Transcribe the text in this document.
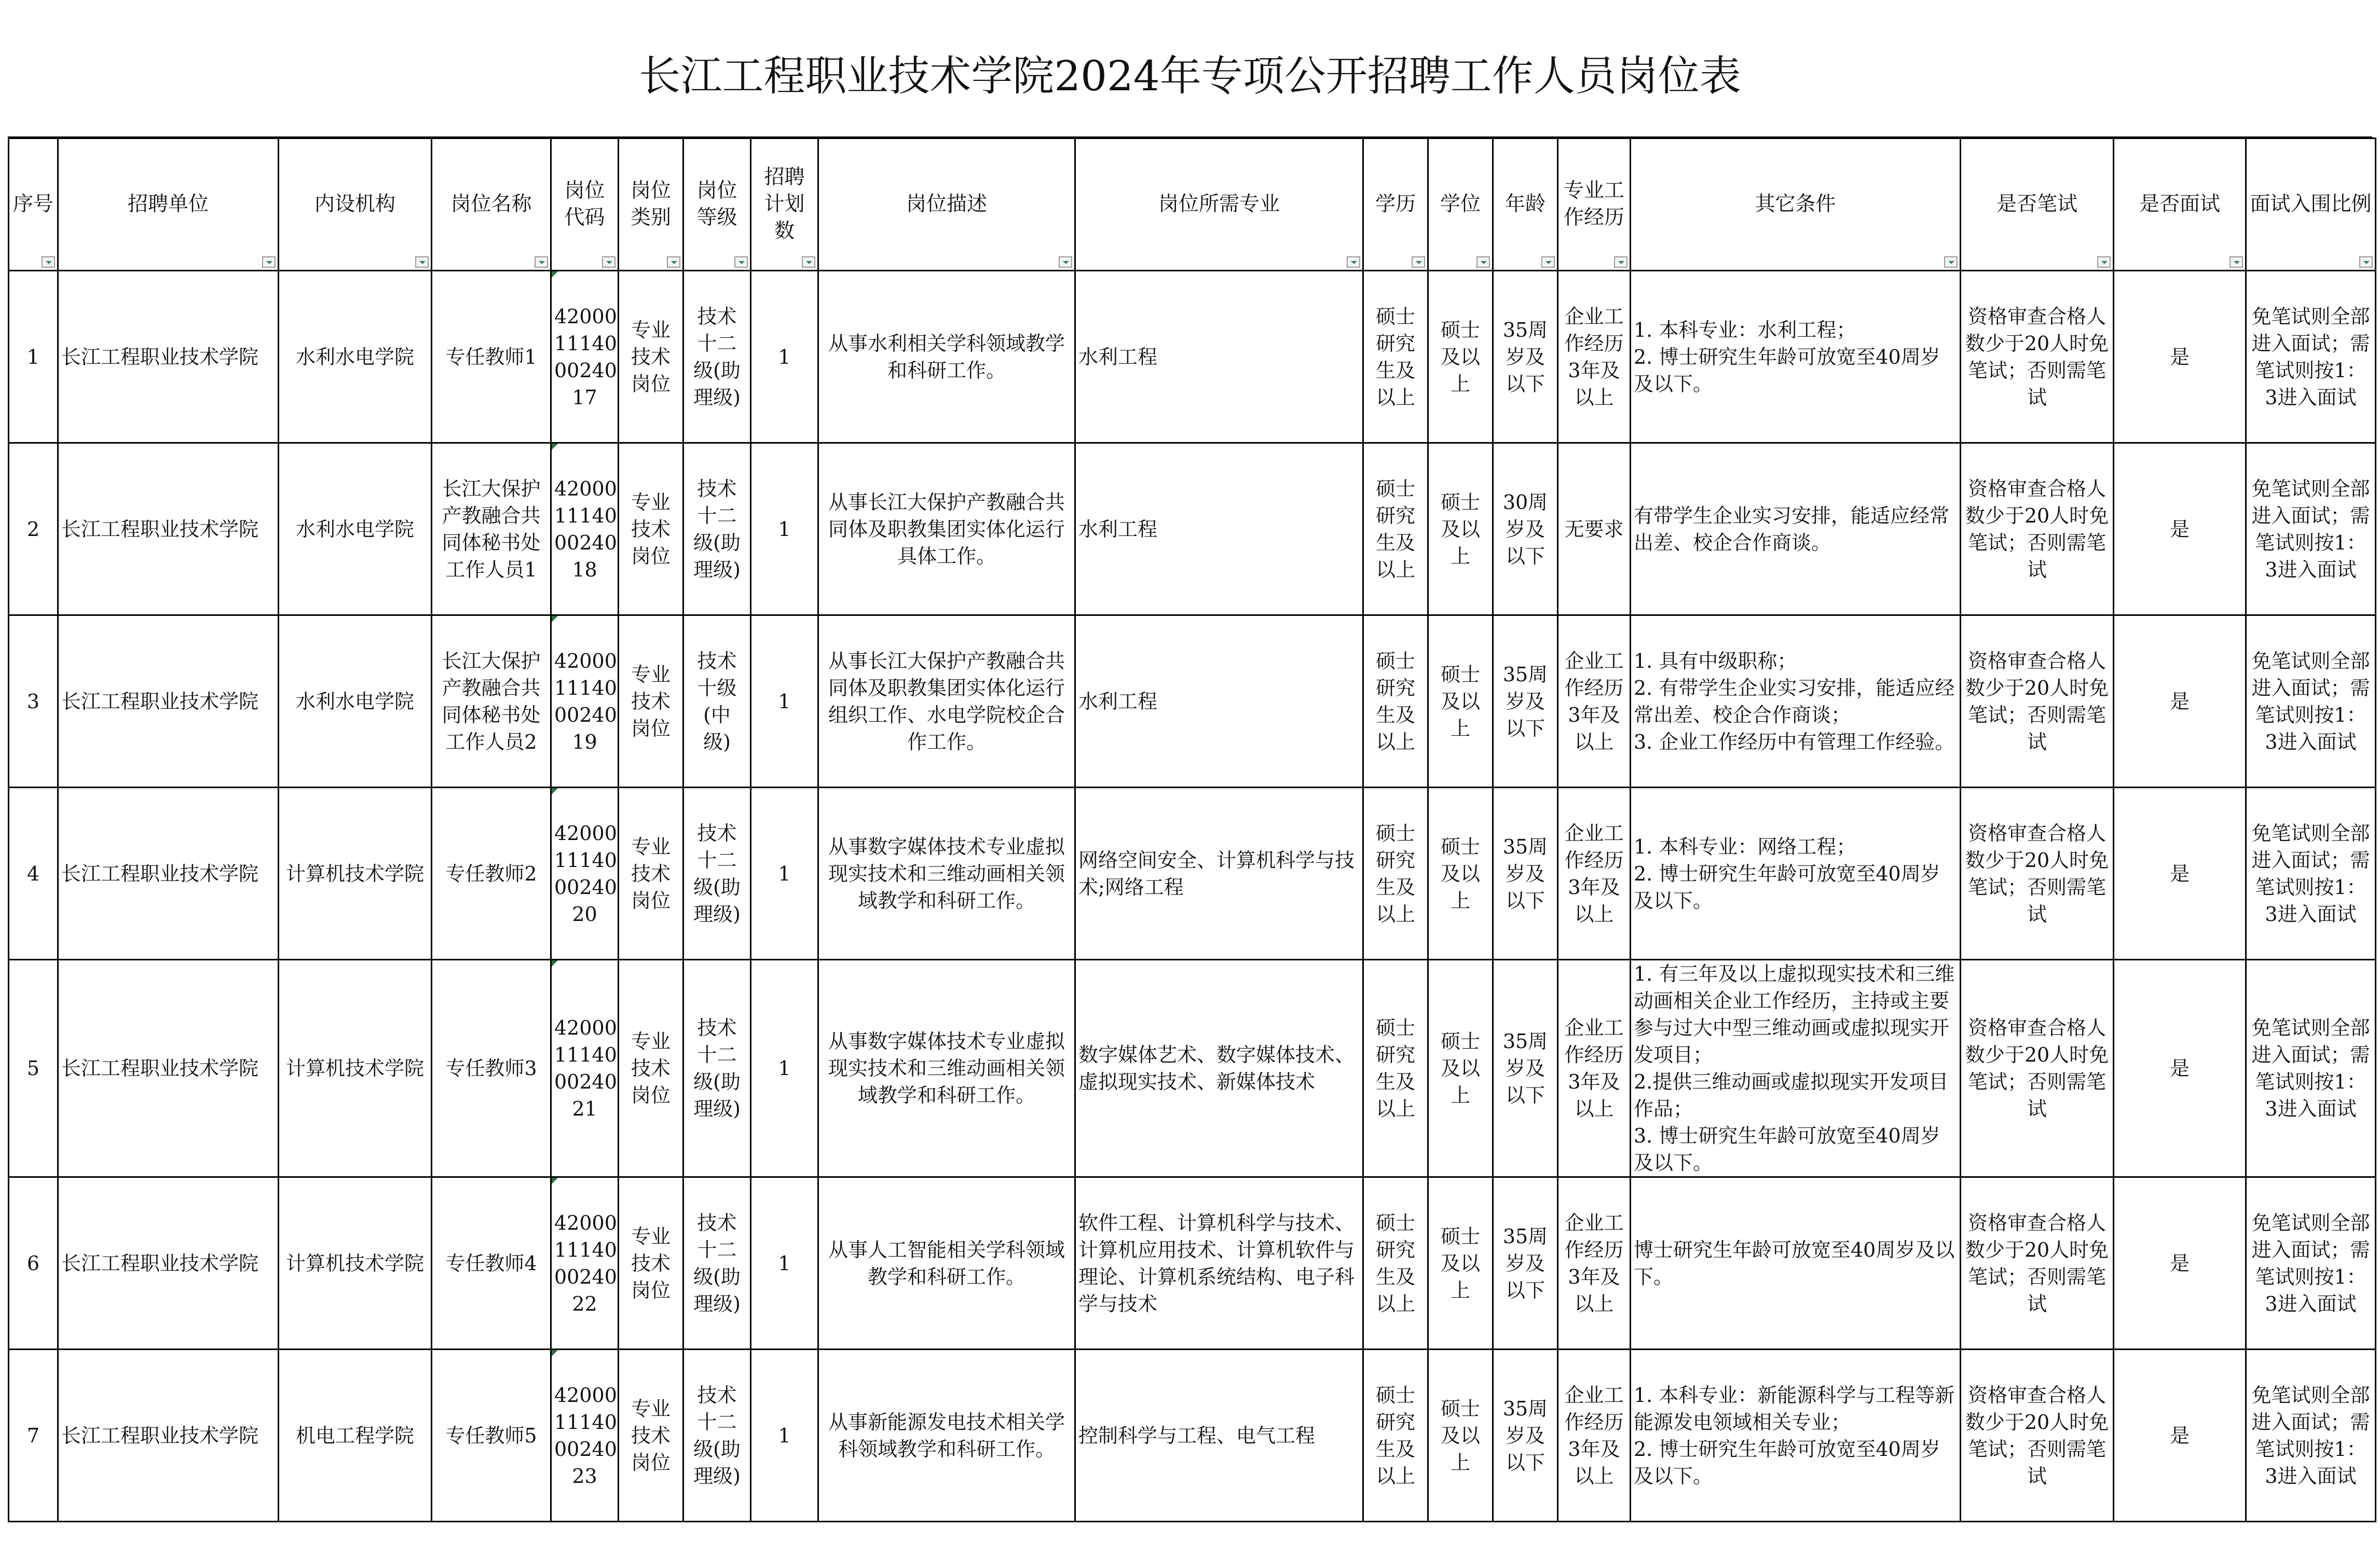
长江工程职业技术学院2024年专项公开招聘工作人员岗位表
序号	招聘单位	内设机构	岗位名称	岗位
代码	岗位
类别	岗位
等级	招聘
计划
数	岗位描述	岗位所需专业	学历	学位	年龄	专业工
作经历	其它条件	是否笔试	是否面试	面试入围比例

1	长江工程职业技术学院	水利水电学院	专任教师1	42000
11140
00240
17	专业
技术
岗位	技术
十二
级(助
理级)	1	从事水利相关学科领域教学和科研工作。	水利工程	硕士
研究
生及
以上	硕士
及以
上	35周
岁及
以下	企业工
作经历
3年及
以上	1. 本科专业：水利工程；
2. 博士研究生年龄可放宽至40周岁及以下。	资格审查合格人数少于20人时免笔试；否则需笔试	是	免笔试则全部进入面试；需笔试则按1：3进入面试
2	长江工程职业技术学院	水利水电学院	长江大保护产教融合共同体秘书处工作人员1	42000
11140
00240
18	专业
技术
岗位	技术
十二
级(助
理级)	1	从事长江大保护产教融合共同体及职教集团实体化运行具体工作。	水利工程	硕士
研究
生及
以上	硕士
及以
上	30周
岁及
以下	无要求	有带学生企业实习安排，能适应经常出差、校企合作商谈。	资格审查合格人数少于20人时免笔试；否则需笔试	是	免笔试则全部进入面试；需笔试则按1：3进入面试
3	长江工程职业技术学院	水利水电学院	长江大保护产教融合共同体秘书处工作人员2	42000
11140
00240
19	专业
技术
岗位	技术
十级
(中
级)	1	从事长江大保护产教融合共同体及职教集团实体化运行组织工作、水电学院校企合作工作。	水利工程	硕士
研究
生及
以上	硕士
及以
上	35周
岁及
以下	企业工
作经历
3年及
以上	1. 具有中级职称；
2. 有带学生企业实习安排，能适应经常出差、校企合作商谈；
3. 企业工作经历中有管理工作经验。	资格审查合格人数少于20人时免笔试；否则需笔试	是	免笔试则全部进入面试；需笔试则按1：3进入面试
4	长江工程职业技术学院	计算机技术学院	专任教师2	42000
11140
00240
20	专业
技术
岗位	技术
十二
级(助
理级)	1	从事数字媒体技术专业虚拟现实技术和三维动画相关领域教学和科研工作。	网络空间安全、计算机科学与技术;网络工程	硕士
研究
生及
以上	硕士
及以
上	35周
岁及
以下	企业工
作经历
3年及
以上	1. 本科专业：网络工程；
2. 博士研究生年龄可放宽至40周岁及以下。	资格审查合格人数少于20人时免笔试；否则需笔试	是	免笔试则全部进入面试；需笔试则按1：3进入面试
5	长江工程职业技术学院	计算机技术学院	专任教师3	42000
11140
00240
21	专业
技术
岗位	技术
十二
级(助
理级)	1	从事数字媒体技术专业虚拟现实技术和三维动画相关领域教学和科研工作。	数字媒体艺术、数字媒体技术、虚拟现实技术、新媒体技术	硕士
研究
生及
以上	硕士
及以
上	35周
岁及
以下	企业工
作经历
3年及
以上	1. 有三年及以上虚拟现实技术和三维动画相关企业工作经历，主持或主要参与过大中型三维动画或虚拟现实开发项目；
2.提供三维动画或虚拟现实开发项目作品；
3. 博士研究生年龄可放宽至40周岁及以下。	资格审查合格人数少于20人时免笔试；否则需笔试	是	免笔试则全部进入面试；需笔试则按1：3进入面试
6	长江工程职业技术学院	计算机技术学院	专任教师4	42000
11140
00240
22	专业
技术
岗位	技术
十二
级(助
理级)	1	从事人工智能相关学科领域教学和科研工作。	软件工程、计算机科学与技术、计算机应用技术、计算机软件与理论、计算机系统结构、电子科学与技术	硕士
研究
生及
以上	硕士
及以
上	35周
岁及
以下	企业工
作经历
3年及
以上	博士研究生年龄可放宽至40周岁及以下。	资格审查合格人数少于20人时免笔试；否则需笔试	是	免笔试则全部进入面试；需笔试则按1：3进入面试
7	长江工程职业技术学院	机电工程学院	专任教师5	42000
11140
00240
23	专业
技术
岗位	技术
十二
级(助
理级)	1	从事新能源发电技术相关学科领域教学和科研工作。	控制科学与工程、电气工程	硕士
研究
生及
以上	硕士
及以
上	35周
岁及
以下	企业工
作经历
3年及
以上	1. 本科专业：新能源科学与工程等新能源发电领域相关专业；
2. 博士研究生年龄可放宽至40周岁及以下。	资格审查合格人数少于20人时免笔试；否则需笔试	是	免笔试则全部进入面试；需笔试则按1：3进入面试
